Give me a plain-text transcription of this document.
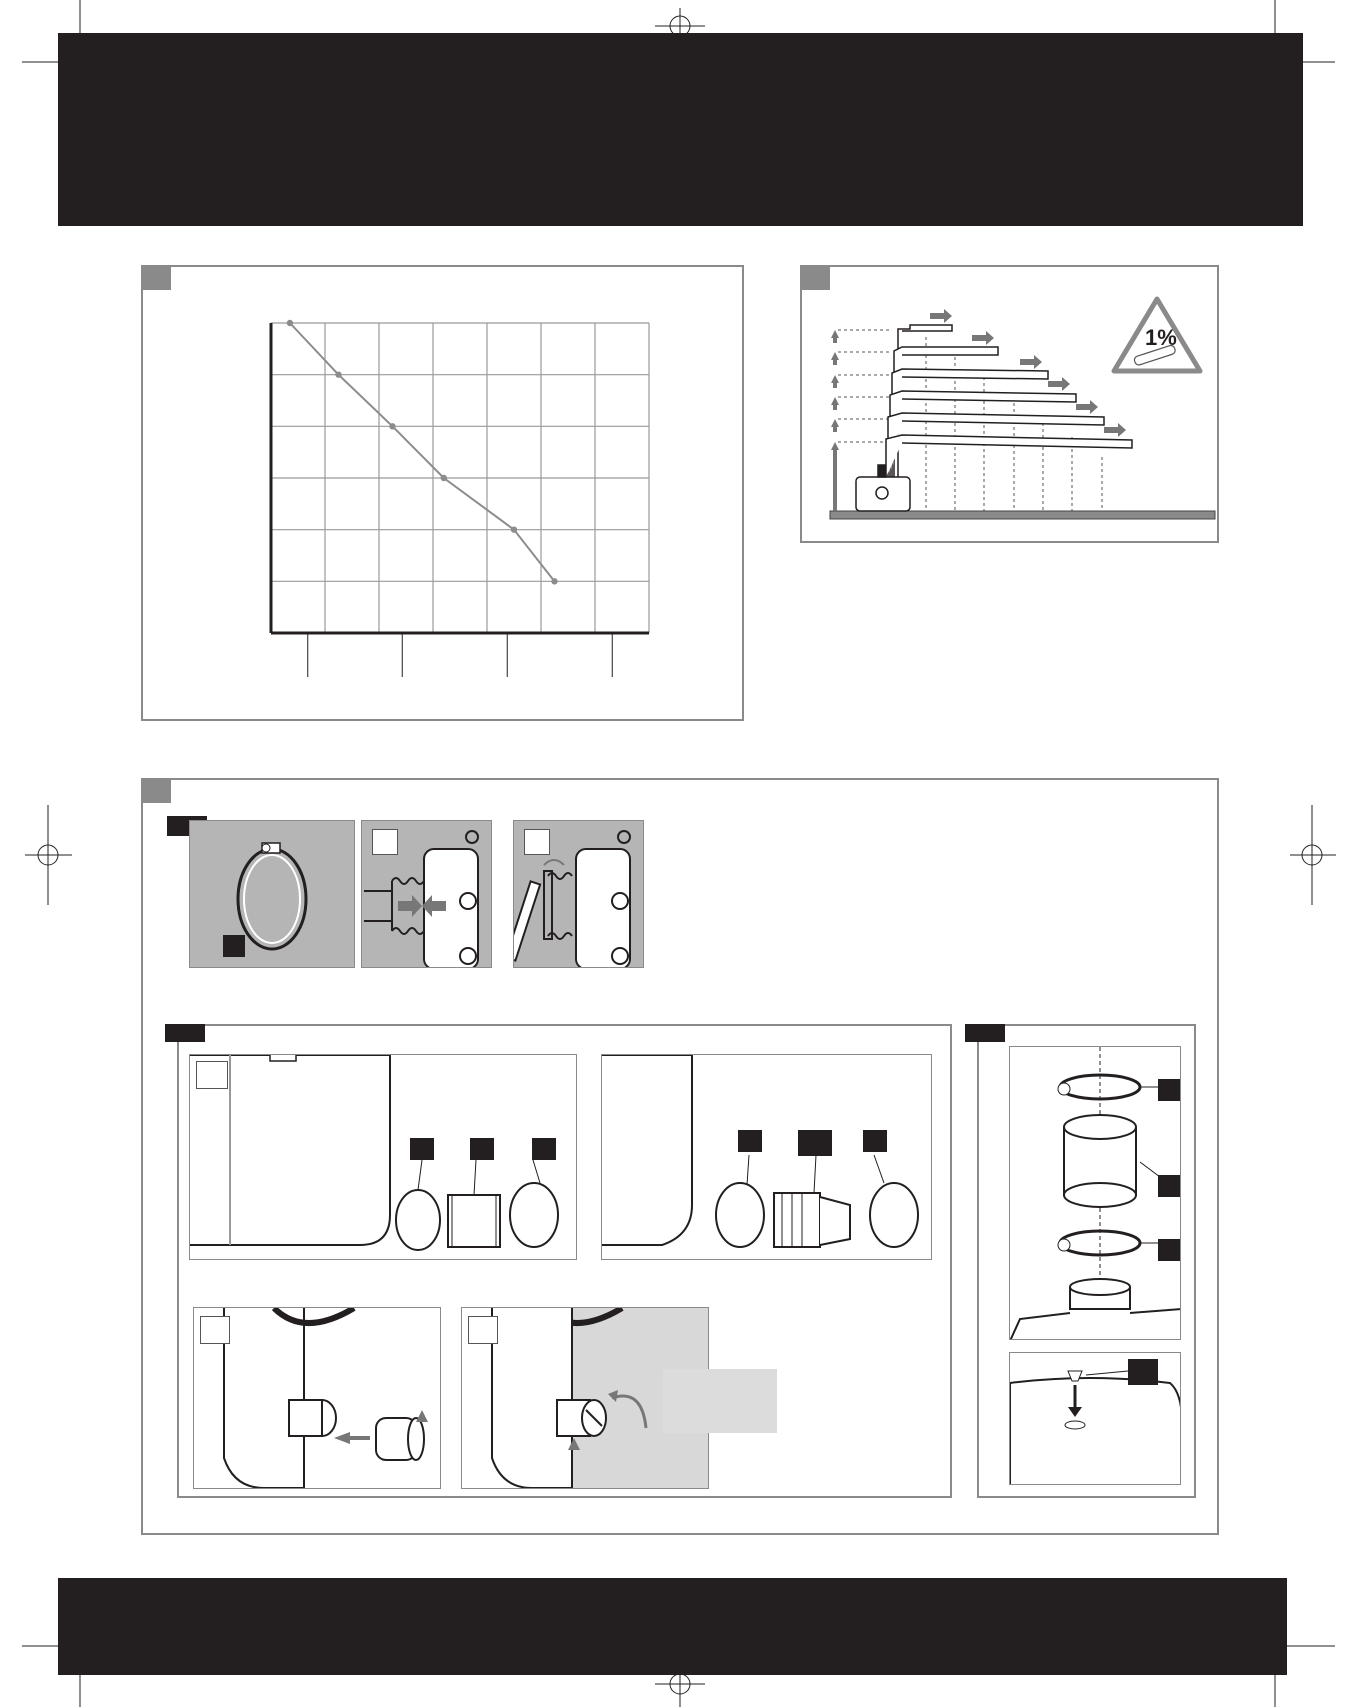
1%
